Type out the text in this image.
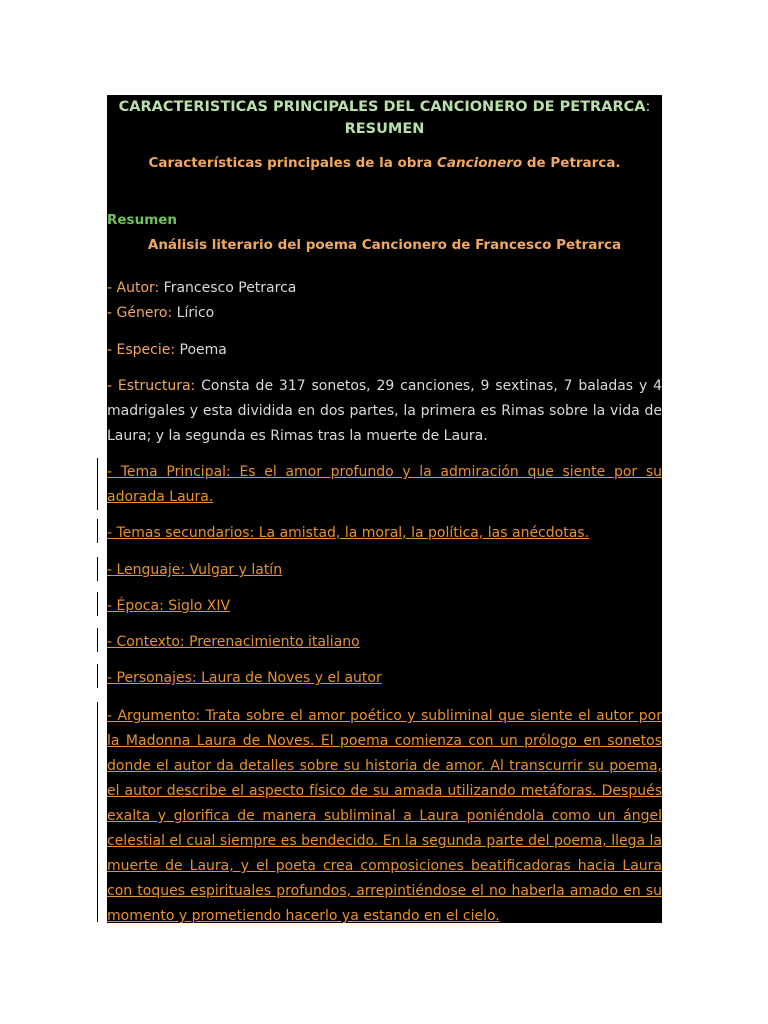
CARACTERISTICAS PRINCIPALES DEL CANCIONERO DE PETRARCA:
RESUMEN
Características principales de la obra Cancionero de Petrarca.
Resumen
Análisis literario del poema Cancionero de Francesco Petrarca
- Autor: Francesco Petrarca
- Género: Lírico
- Especie: Poema
- Estructura: Consta de 317 sonetos, 29 canciones, 9 sextinas, 7 baladas y 4 madrigales y esta dividida en dos partes, la primera es Rimas sobre la vida de Laura; y la segunda es Rimas tras la muerte de Laura.
- Tema Principal: Es el amor profundo y la admiración que siente por su adorada Laura.
- Temas secundarios: La amistad, la moral, la política, las anécdotas.
- Lenguaje: Vulgar y latín
- Época: Siglo XIV
- Contexto: Prerenacimiento italiano
- Personajes: Laura de Noves y el autor
- Argumento: Trata sobre el amor poético y subliminal que siente el autor por la Madonna Laura de Noves. El poema comienza con un prólogo en sonetos donde el autor da detalles sobre su historia de amor. Al transcurrir su poema, el autor describe el aspecto físico de su amada utilizando metáforas. Después exalta y glorifica de manera subliminal a Laura poniéndola como un ángel celestial el cual siempre es bendecido. En la segunda parte del poema, llega la muerte de Laura, y el poeta crea composiciones beatificadoras hacia Laura con toques espirituales profundos, arrepintiéndose el no haberla amado en su momento y prometiendo hacerlo ya estando en el cielo.
